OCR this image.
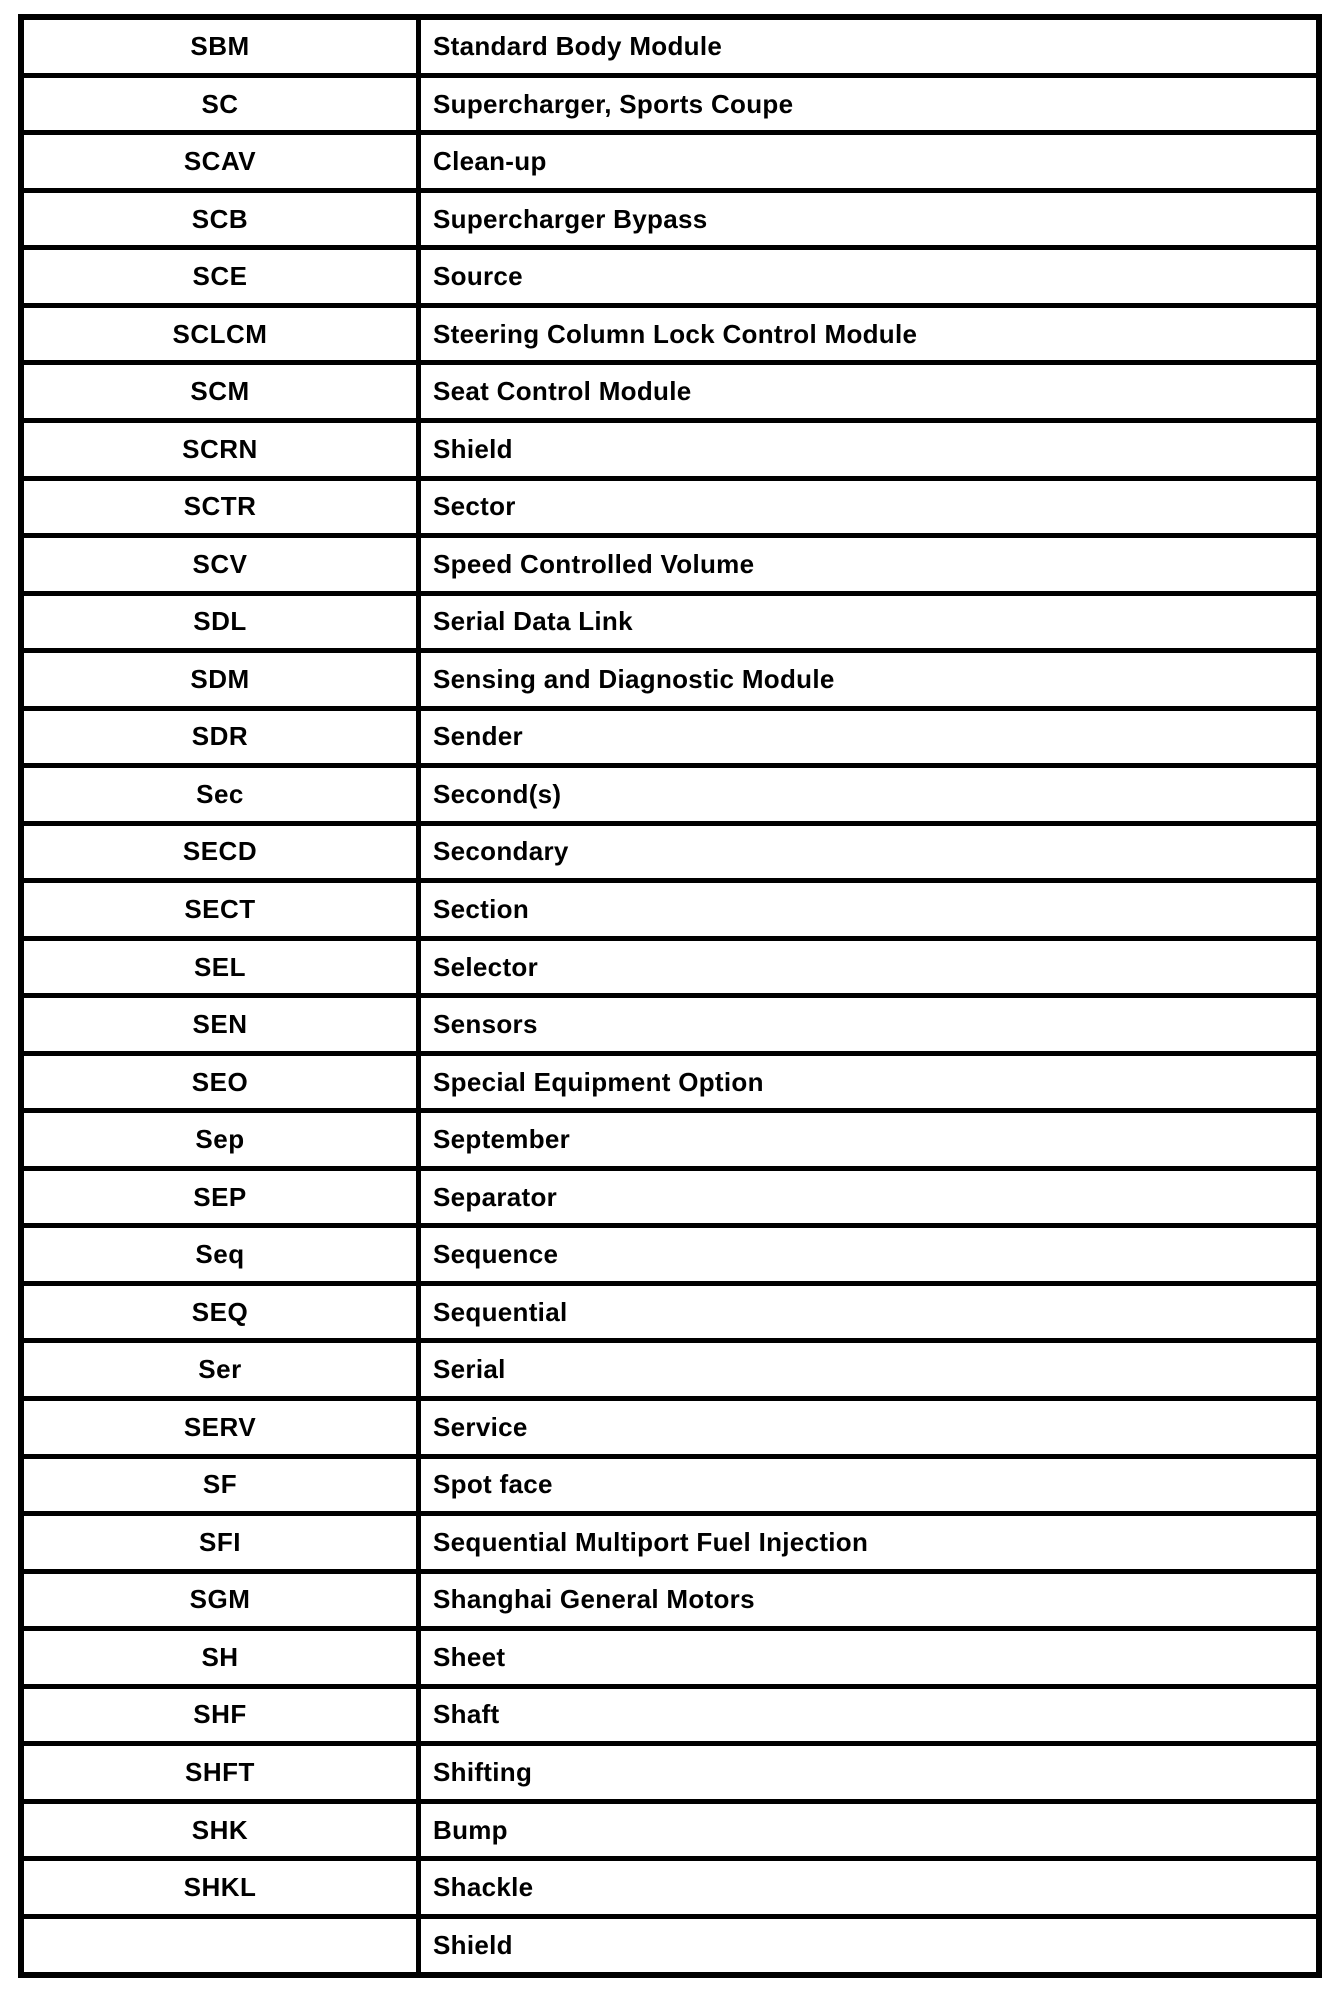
SBM	Standard Body Module
SC	Supercharger, Sports Coupe
SCAV	Clean-up
SCB	Supercharger Bypass
SCE	Source
SCLCM	Steering Column Lock Control Module
SCM	Seat Control Module
SCRN	Shield
SCTR	Sector
SCV	Speed Controlled Volume
SDL	Serial Data Link
SDM	Sensing and Diagnostic Module
SDR	Sender
Sec	Second(s)
SECD	Secondary
SECT	Section
SEL	Selector
SEN	Sensors
SEO	Special Equipment Option
Sep	September
SEP	Separator
Seq	Sequence
SEQ	Sequential
Ser	Serial
SERV	Service
SF	Spot face
SFI	Sequential Multiport Fuel Injection
SGM	Shanghai General Motors
SH	Sheet
SHF	Shaft
SHFT	Shifting
SHK	Bump
SHKL	Shackle
	Shield
